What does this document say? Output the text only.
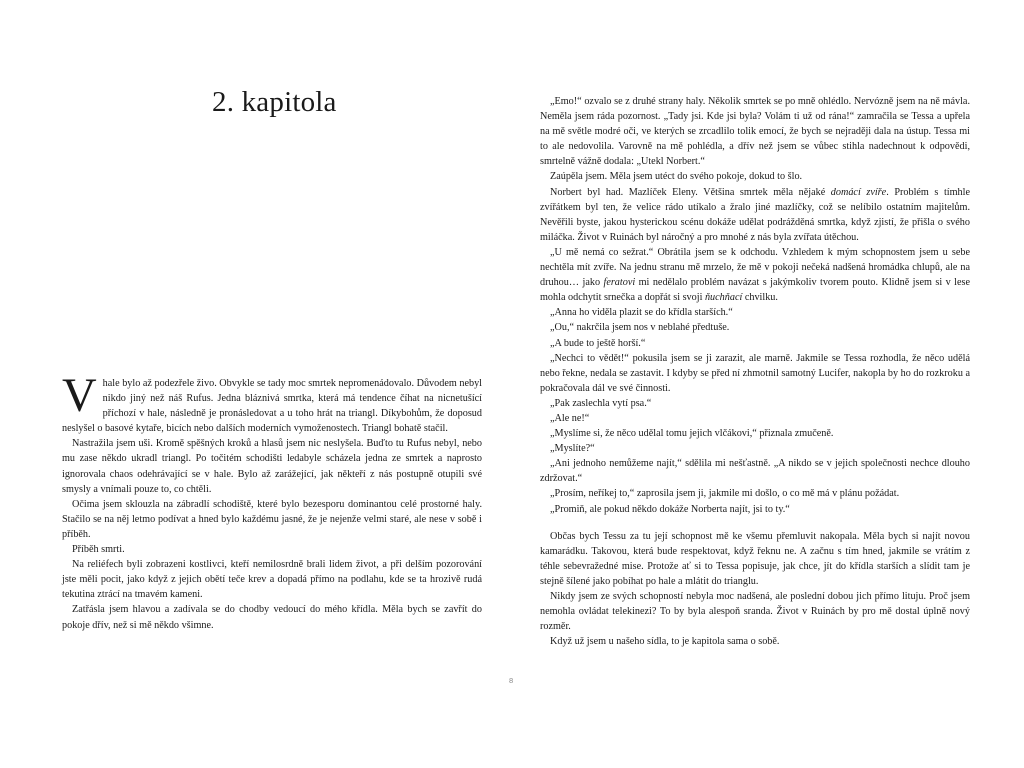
2. kapitola

Vhale bylo až podezřele živo. Obvykle se tady moc smrtek nepromenádovalo. Důvodem nebyl nikdo jiný než náš Rufus. Jedna bláznivá smrtka, která má tendence číhat na nicnetušící příchozí v hale, následně je pronásledovat a u toho hrát na triangl. Díkybohům, že doposud neslyšel o basové kytaře, bicích nebo dalších moderních vymoženostech. Triangl bohatě stačil.

Nastražila jsem uši. Kromě spěšných kroků a hlasů jsem nic neslyšela. Buďto tu Rufus nebyl, nebo mu zase někdo ukradl triangl. Po točitém schodišti ledabyle scházela jedna ze smrtek a naprosto ignorovala chaos odehrávající se v hale. Bylo až zarážející, jak někteří z nás postupně otupili své smysly a vnímali pouze to, co chtěli.

Očima jsem sklouzla na zábradlí schodiště, které bylo bezesporu dominantou celé prostorné haly. Stačilo se na něj letmo podívat a hned bylo každému jasné, že je nejenže velmi staré, ale nese v sobě i příběh.

Příběh smrti.

Na reliéfech byli zobrazeni kostlivci, kteří nemilosrdně brali lidem život, a při delším pozorování jste měli pocit, jako když z jejich obětí teče krev a dopadá přímo na podlahu, kde se ta hrozivě rudá tekutina ztrácí na tmavém kameni.

Zatřásla jsem hlavou a zadívala se do chodby vedoucí do mého křídla. Měla bych se zavřít do pokoje dřív, než si mě někdo všimne.

„Emo!“ ozvalo se z druhé strany haly. Několik smrtek se po mně ohlédlo. Nervózně jsem na ně mávla. Neměla jsem ráda pozornost. „Tady jsi. Kde jsi byla? Volám ti už od rána!“ zamračila se Tessa a upřela na mě světle modré oči, ve kterých se zrcadlilo tolik emocí, že bych se nejraději dala na ústup. Tessa mi to ale nedovolila. Varovně na mě pohlédla, a dřív než jsem se vůbec stihla nadechnout k odpovědi, smrtelně vážně dodala: „Utekl Norbert.“

Zaúpěla jsem. Měla jsem utéct do svého pokoje, dokud to šlo.

Norbert byl had. Mazlíček Eleny. Většina smrtek měla nějaké domácí zvíře. Problém s tímhle zvířátkem byl ten, že velice rádo utíkalo a žralo jiné mazlíčky, což se nelíbilo ostatním majitelům. Nevěřili byste, jakou hysterickou scénu dokáže udělat podrážděná smrtka, když zjistí, že přišla o svého miláčka. Život v Ruinách byl náročný a pro mnohé z nás byla zvířata útěchou.

„U mě nemá co sežrat.“ Obrátila jsem se k odchodu. Vzhledem k mým schopnostem jsem u sebe nechtěla mít zvíře. Na jednu stranu mě mrzelo, že mě v pokoji nečeká nadšená hromádka chlupů, ale na druhou… jako feratovi mi nedělalo problém navázat s jakýmkoliv tvorem pouto. Klidně jsem si v lese mohla odchytit srnečka a dopřát si svoji ňuchňací chvilku.

„Anna ho viděla plazit se do křídla starších.“

„Ou,“ nakrčila jsem nos v neblahé předtuše.

„A bude to ještě horší.“

„Nechci to vědět!“ pokusila jsem se ji zarazit, ale marně. Jakmile se Tessa rozhodla, že něco udělá nebo řekne, nedala se zastavit. I kdyby se před ní zhmotnil samotný Lucifer, nakopla by ho do rozkroku a pokračovala dál ve své činnosti.

„Pak zaslechla vytí psa.“

„Ale ne!“

„Myslíme si, že něco udělal tomu jejich vlčákovi,“ přiznala zmučeně.

„Myslíte?“

„Ani jednoho nemůžeme najít,“ sdělila mi nešťastně. „A nikdo se v jejich společnosti nechce dlouho zdržovat.“

„Prosím, neříkej to,“ zaprosila jsem ji, jakmile mi došlo, o co mě má v plánu požádat.

„Promiň, ale pokud někdo dokáže Norberta najít, jsi to ty.“

Občas bych Tessu za tu její schopnost mě ke všemu přemluvit nakopala. Měla bych si najít novou kamarádku. Takovou, která bude respektovat, když řeknu ne. A začnu s tím hned, jakmile se vrátím z téhle sebevražedné mise. Protože ať si to Tessa popisuje, jak chce, jít do křídla starších a slídit tam je stejně šílené jako pobíhat po hale a mlátit do trianglu.

Nikdy jsem ze svých schopností nebyla moc nadšená, ale poslední dobou jich přímo lituju. Proč jsem nemohla ovládat telekinezi? To by byla alespoň sranda. Život v Ruinách by pro mě dostal úplně nový rozměr.

Když už jsem u našeho sídla, to je kapitola sama o sobě.

8
